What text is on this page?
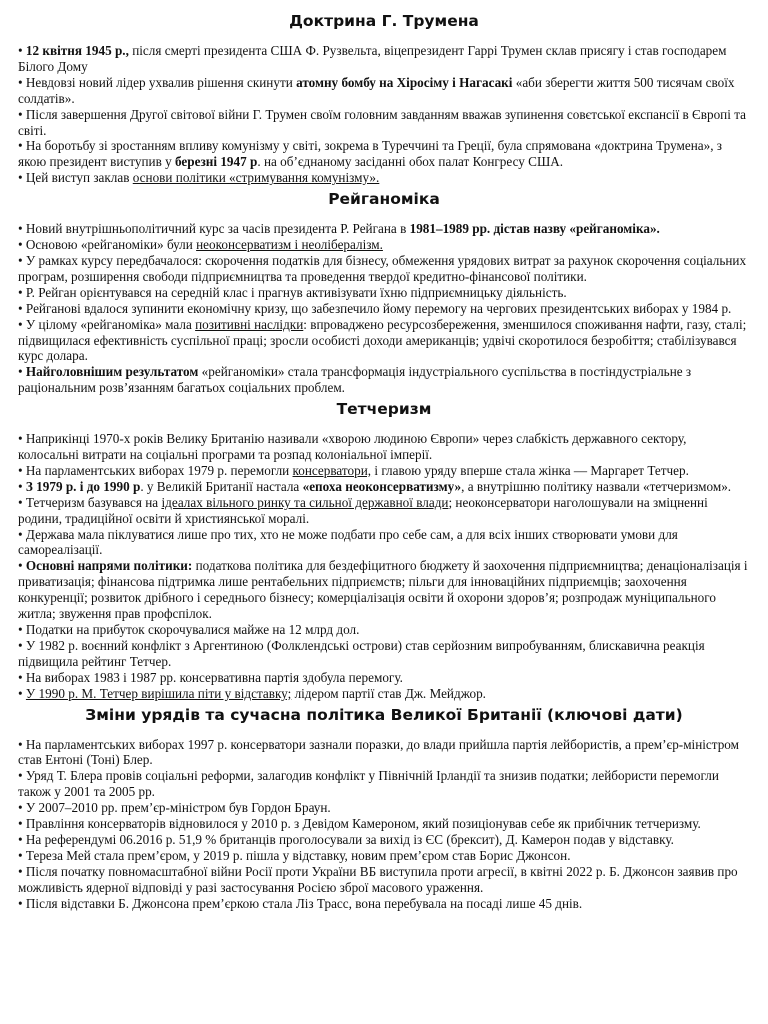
Доктрина Г. Трумена

• 12 квітня 1945 р., після смерті президента США Ф. Рузвельта, віцепрезидент Гаррі Трумен склав присягу і став господарем Білого Дому

• Невдовзі новий лідер ухвалив рішення скинути атомну бомбу на Хіросіму і Нагасакі «аби зберегти життя 500 тисячам своїх солдатів».

• Після завершення Другої світової війни Г. Трумен своїм головним завданням вважав зупинення совєтської експансії в Європі та світі.

• На боротьбу зі зростанням впливу комунізму у світі, зокрема в Туреччині та Греції, була спрямована «доктрина Трумена», з якою президент виступив у березні 1947 р. на об’єднаному засіданні обох палат Конгресу США.

• Цей виступ заклав основи політики «стримування комунізму».

Рейганоміка

• Новий внутрішньополітичний курс за часів президента Р. Рейгана в 1981–1989 рр. дістав назву «рейганоміка».

• Основою «рейганоміки» були неоконсерватизм і неолібералізм.

• У рамках курсу передбачалося: скорочення податків для бізнесу, обмеження урядових витрат за рахунок скорочення соціальних програм, розширення свободи підприємництва та проведення твердої кредитно-фінансової політики.

• Р. Рейган орієнтувався на середній клас і прагнув активізувати їхню підприємницьку діяльність.

• Рейганові вдалося зупинити економічну кризу, що забезпечило йому перемогу на чергових президентських виборах у 1984 р.

• У цілому «рейганоміка» мала позитивні наслідки: впроваджено ресурсозбереження, зменшилося споживання нафти, газу, сталі; підвищилася ефективність суспільної праці; зросли особисті доходи американців; удвічі скоротилося безробіття; стабілізувався курс долара.

• Найголовнішим результатом «рейганоміки» стала трансформація індустріального суспільства в постіндустріальне з раціональним розв’язанням багатьох соціальних проблем.

Тетчеризм

• Наприкінці 1970-х років Велику Британію називали «хворою людиною Європи» через слабкість державного сектору, колосальні витрати на соціальні програми та розпад колоніальної імперії.

• На парламентських виборах 1979 р. перемогли консерватори, і главою уряду вперше стала жінка — Маргарет Тетчер.

• З 1979 р. і до 1990 р. у Великій Британії настала «епоха неоконсерватизму», а внутрішню політику назвали «тетчеризмом».

• Тетчеризм базувався на ідеалах вільного ринку та сильної державної влади; неоконсерватори наголошували на зміцненні родини, традиційної освіти й християнської моралі.

• Держава мала піклуватися лише про тих, хто не може подбати про себе сам, а для всіх інших створювати умови для самореалізації.

• Основні напрями політики: податкова політика для бездефіцитного бюджету й заохочення підприємництва; денаціоналізація і приватизація; фінансова підтримка лише рентабельних підприємств; пільги для інноваційних підприємців; заохочення конкуренції; розвиток дрібного і середнього бізнесу; комерціалізація освіти й охорони здоров’я; розпродаж муніципального житла; звуження прав профспілок.

• Податки на прибуток скорочувалися майже на 12 млрд дол.

• У 1982 р. воєнний конфлікт з Аргентиною (Фолклендські острови) став серйозним випробуванням, блискавична реакція підвищила рейтинг Тетчер.

• На виборах 1983 і 1987 рр. консервативна партія здобула перемогу.

• У 1990 р. М. Тетчер вирішила піти у відставку; лідером партії став Дж. Мейджор.

Зміни урядів та сучасна політика Великої Британії (ключові дати)

• На парламентських виборах 1997 р. консерватори зазнали поразки, до влади прийшла партія лейбористів, а прем’єр-міністром став Ентоні (Тоні) Блер.

• Уряд Т. Блера провів соціальні реформи, залагодив конфлікт у Північній Ірландії та знизив податки; лейбористи перемогли також у 2001 та 2005 рр.

• У 2007–2010 рр. прем’єр-міністром був Гордон Браун.

• Правління консерваторів відновилося у 2010 р. з Девідом Камероном, який позиціонував себе як прибічник тетчеризму.

• На референдумі 06.2016 р. 51,9 % британців проголосували за вихід із ЄС (брексит), Д. Камерон подав у відставку.

• Тереза Мей стала прем’єром, у 2019 р. пішла у відставку, новим прем’єром став Борис Джонсон.

• Після початку повномасштабної війни Росії проти України ВБ виступила проти агресії, в квітні 2022 р. Б. Джонсон заявив про можливість ядерної відповіді у разі застосування Росією зброї масового ураження.

• Після відставки Б. Джонсона прем’єркою стала Ліз Трасс, вона перебувала на посаді лише 45 днів.
